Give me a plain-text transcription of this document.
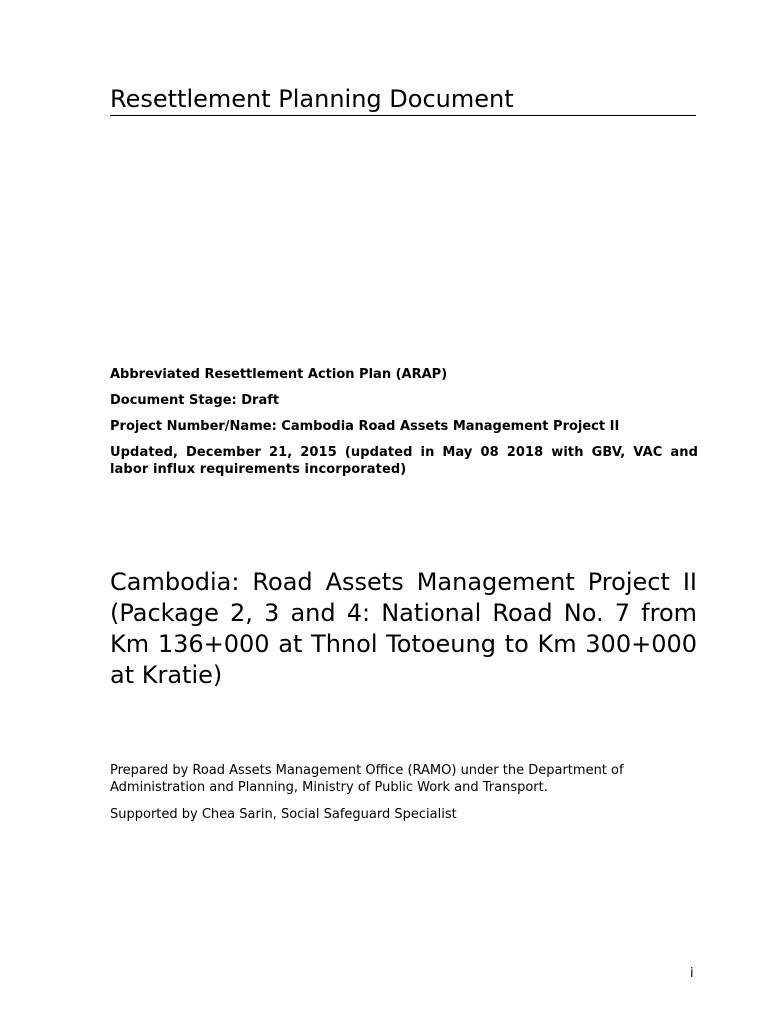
Resettlement Planning Document

Abbreviated Resettlement Action Plan (ARAP)

Document Stage: Draft

Project Number/Name: Cambodia Road Assets Management Project II

Updated, December 21, 2015 (updated in May 08 2018 with GBV, VAC and labor influx requirements incorporated)

Cambodia: Road Assets Management Project II (Package 2, 3 and 4: National Road No. 7 from Km 136+000 at Thnol Totoeung to Km 300+000 at Kratie)
Prepared by Road Assets Management Office (RAMO) under the Department of Administration and Planning, Ministry of Public Work and Transport.
Supported by Chea Sarin, Social Safeguard Specialist
i
